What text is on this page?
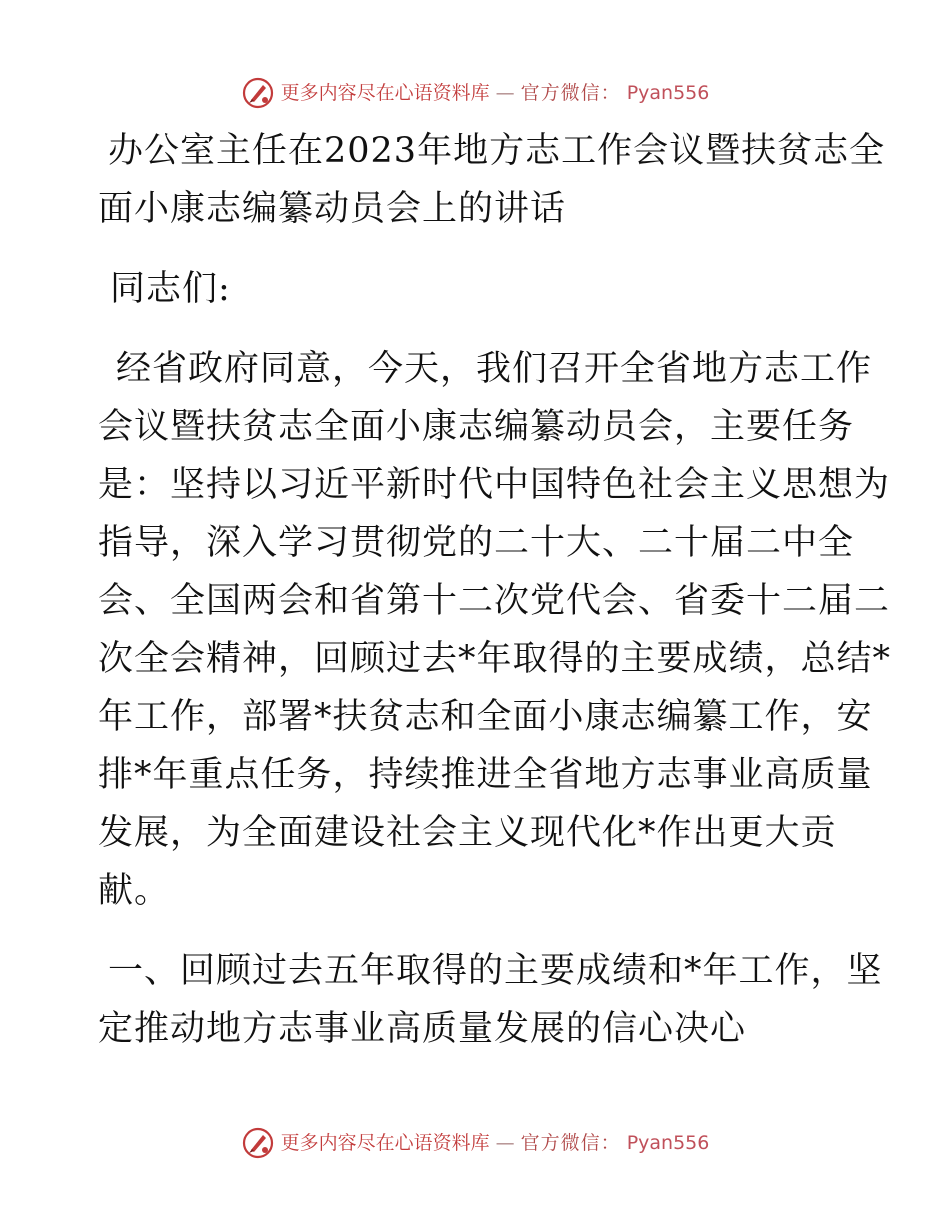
更多内容尽在心语资料库 — 官方微信： Pyan556

办公室主任在2023年地方志工作会议暨扶贫志全
面小康志编纂动员会上的讲话

同志们:

经省政府同意，今天，我们召开全省地方志工作
会议暨扶贫志全面小康志编纂动员会，主要任务
是：坚持以习近平新时代中国特色社会主义思想为
指导，深入学习贯彻党的二十大、二十届二中全
会、全国两会和省第十二次党代会、省委十二届二
次全会精神，回顾过去*年取得的主要成绩，总结*
年工作，部署*扶贫志和全面小康志编纂工作，安
排*年重点任务，持续推进全省地方志事业高质量
发展，为全面建设社会主义现代化*作出更大贡
献。

一、回顾过去五年取得的主要成绩和*年工作，坚
定推动地方志事业高质量发展的信心决心

更多内容尽在心语资料库 — 官方微信： Pyan556
